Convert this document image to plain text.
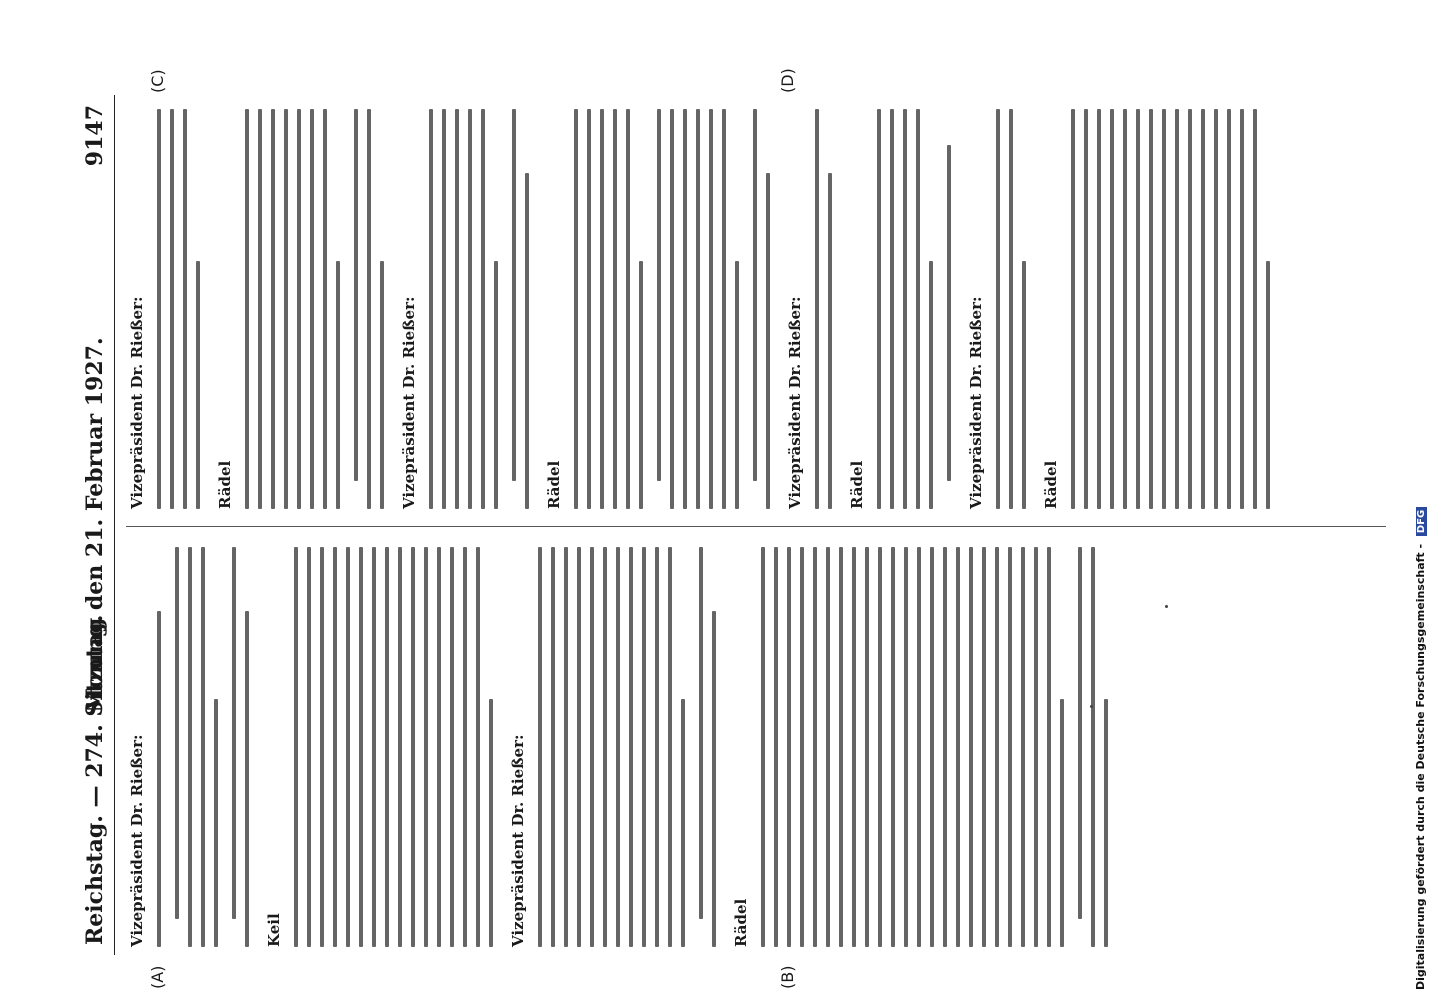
Reichstag. — 274. Sitzung.
Montag den 21. Februar 1927.
9147
Vizepräsident Dr. Rießer:	Keil	Vizepräsident Dr. Rießer:	Rädel
Vizepräsident Dr. Rießer:	Rädel	Vizepräsident Dr. Rießer:	Rädel	Vizepräsident Dr. Rießer:	Rädel	Vizepräsident Dr. Rießer:	Rädel
(A)	(B)
(C)	(D)
Digitalisierung gefördert durch die Deutsche Forschungsgemeinschaft - DFG
